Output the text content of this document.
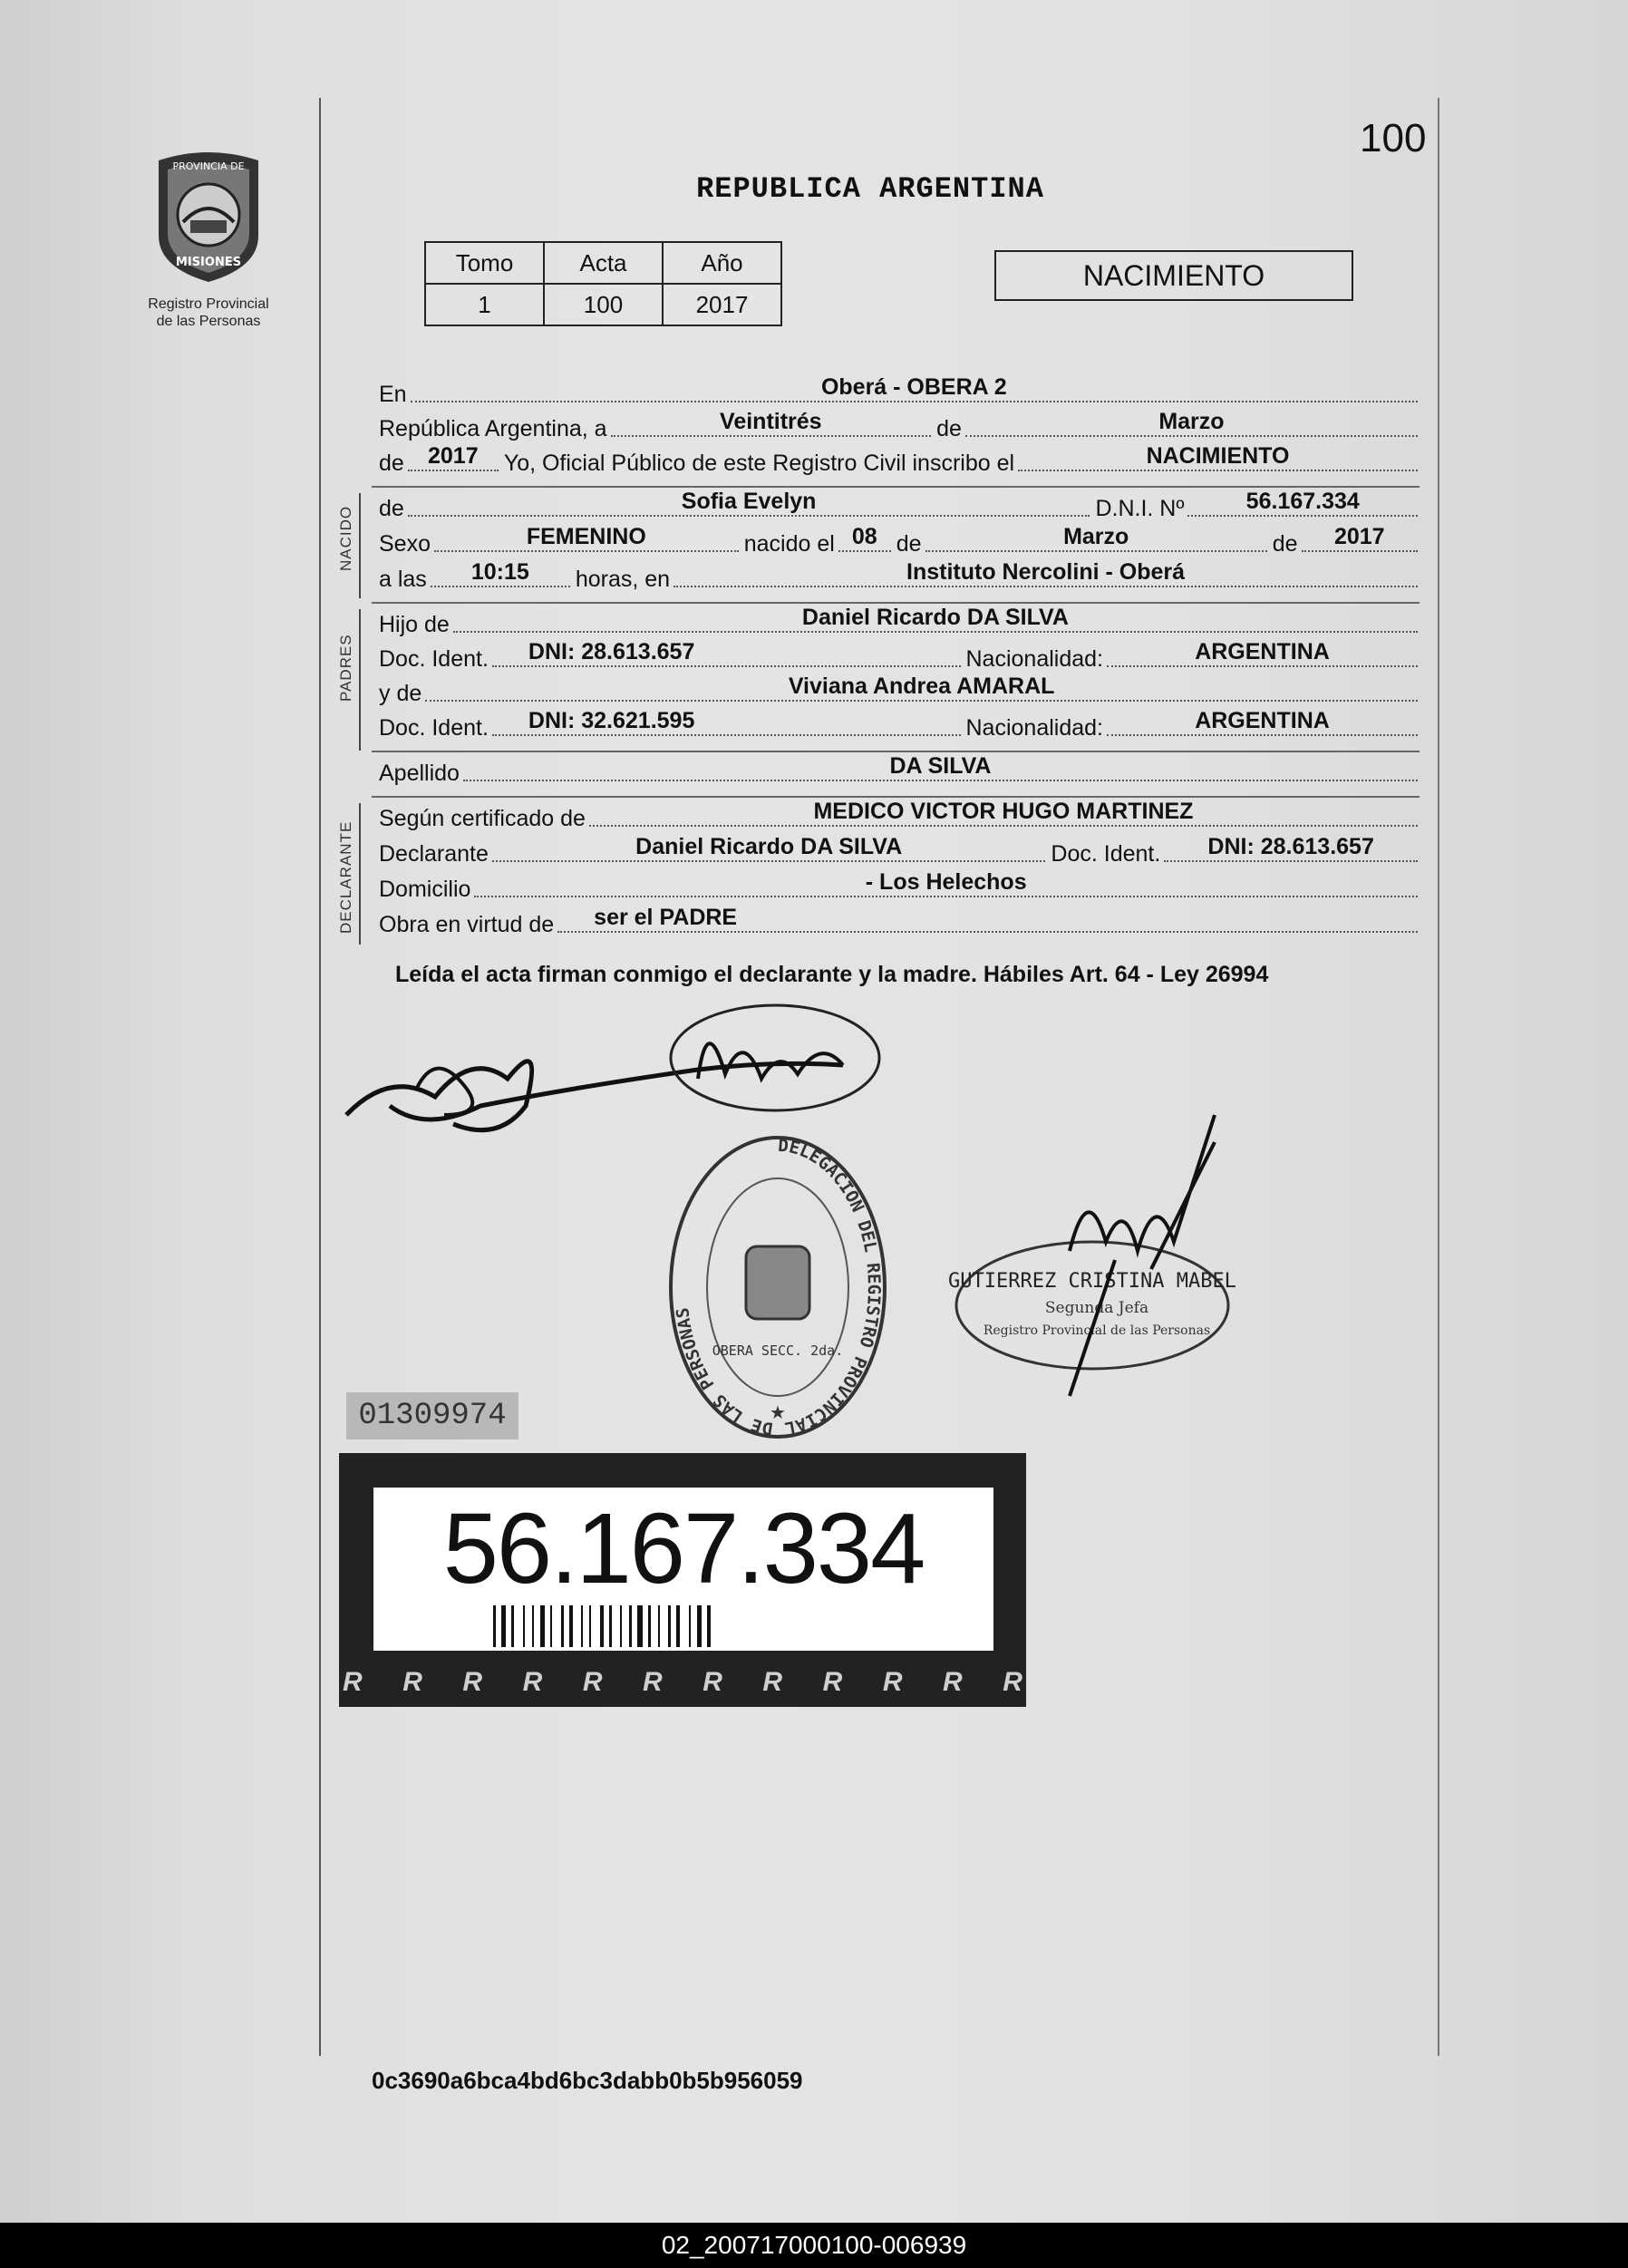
100
PROVINCIA DE
MISIONES
Registro Provincial
de las Personas
REPUBLICA ARGENTINA
Tomo	Acta	Año
1	100	2017
NACIMIENTO
En	Oberá - OBERA 2
República Argentina, a	Veintitrés	de	Marzo
de	2017	Yo, Oficial Público de este Registro Civil inscribo el	NACIMIENTO
NACIDO de	Sofia Evelyn	D.N.I. Nº	56.167.334
Sexo	FEMENINO	nacido el 08 de	Marzo	de	2017
a las	10:15	horas, en	Instituto Nercolini - Oberá
PADRES
Hijo de	Daniel Ricardo DA SILVA
Doc. Ident.	DNI: 28.613.657	Nacionalidad:	ARGENTINA
y de	Viviana Andrea AMARAL
Doc. Ident.	DNI: 32.621.595	Nacionalidad:	ARGENTINA
Apellido	DA SILVA
DECLARANTE
Según certificado de	MEDICO VICTOR HUGO MARTINEZ
Declarante	Daniel Ricardo DA SILVA	Doc. Ident.	DNI: 28.613.657
Domicilio	- Los Helechos
Obra en virtud de	ser el PADRE
Leída el acta firman conmigo el declarante y la madre. Hábiles Art. 64 - Ley 26994
DELEGACION DEL REGISTRO PROVINCIAL DE LAS PERSONAS
OBERA SECC. 2da.
★
GUTIERREZ CRISTINA MABEL
Segunda Jefa
Registro Provincial de las Personas
01309974
56.167.334
R R R R R R R R R R R R
0c3690a6bca4bd6bc3dabb0b5b956059
02_200717000100-006939
